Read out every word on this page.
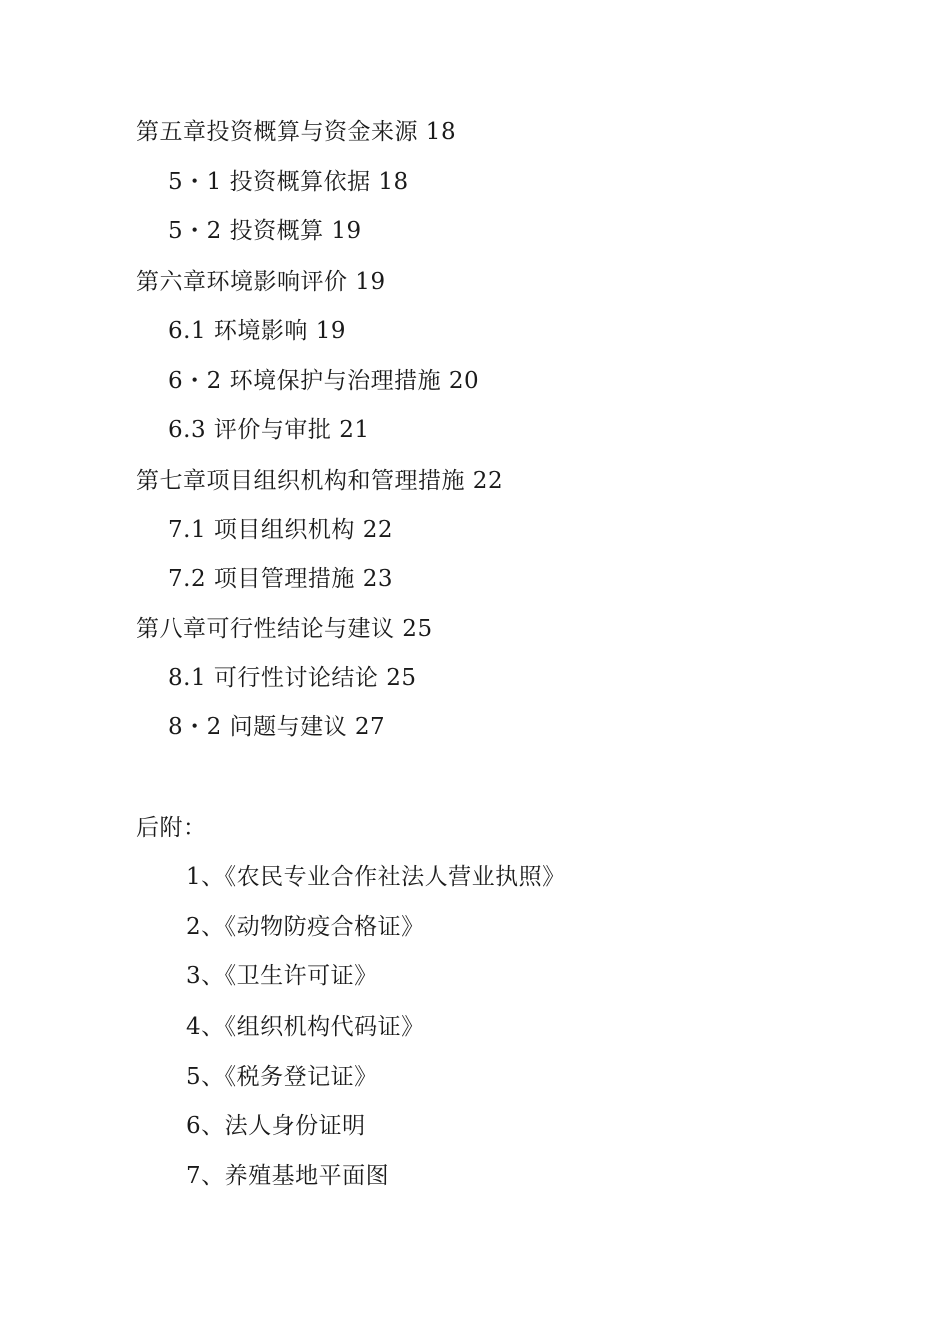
第五章投资概算与资金来源 18
5・1 投资概算依据 18
5・2 投资概算 19
第六章环境影响评价 19
6.1 环境影响 19
6・2 环境保护与治理措施 20
6.3 评价与审批 21
第七章项目组织机构和管理措施 22
7.1 项目组织机构 22
7.2 项目管理措施 23
第八章可行性结论与建议 25
8.1 可行性讨论结论 25
8・2 问题与建议 27
后附：
1、《农民专业合作社法人营业执照》
2、《动物防疫合格证》
3、《卫生许可证》
4、《组织机构代码证》
5、《税务登记证》
6、法人身份证明
7、养殖基地平面图
